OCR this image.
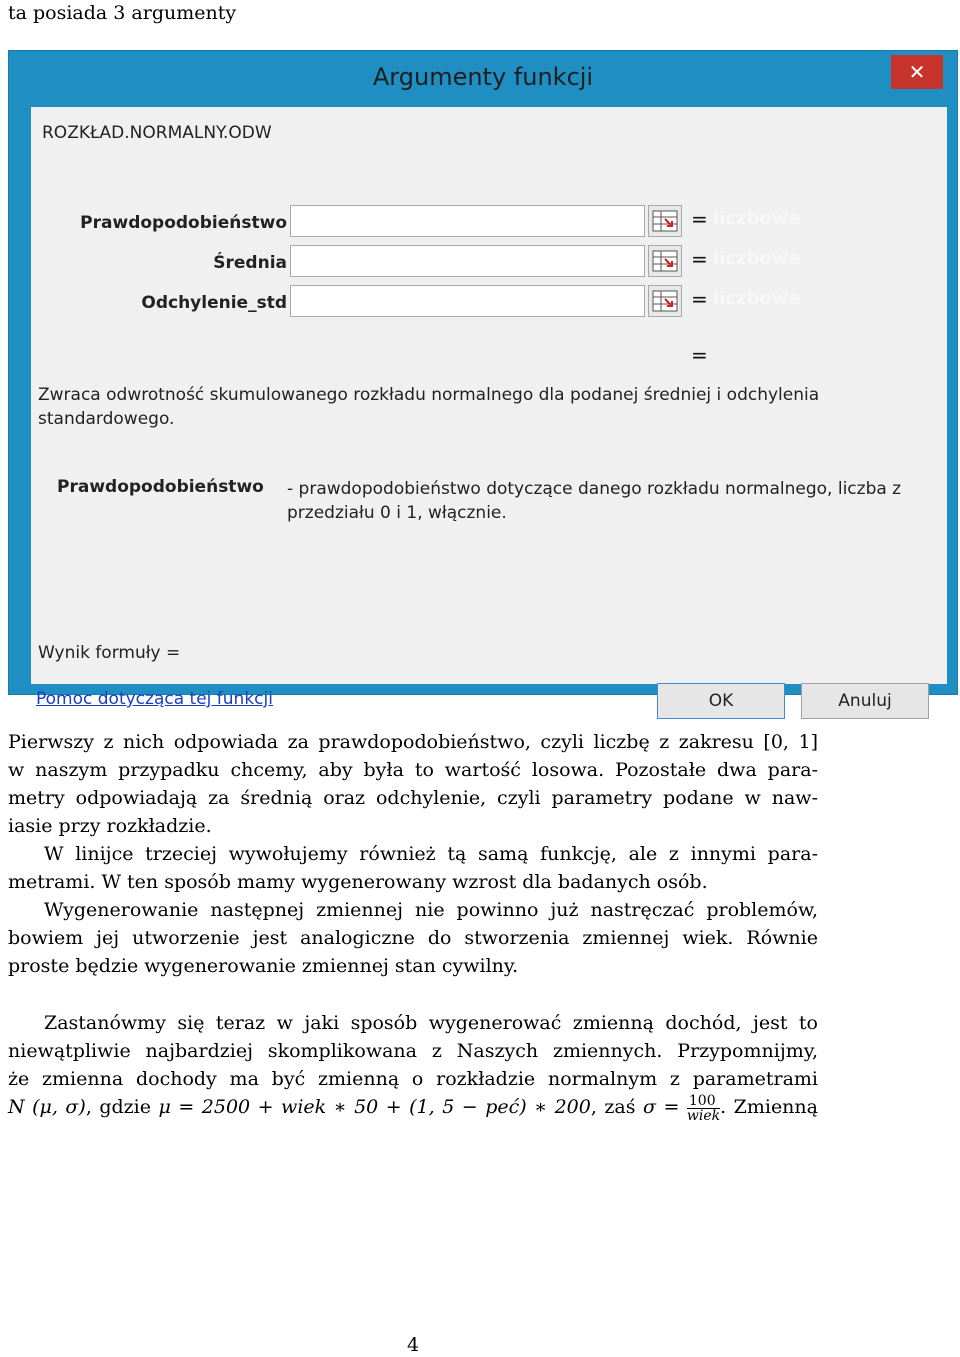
ta posiada 3 argumenty
Argumenty funkcji	✕
ROZKŁAD.NORMALNY.ODW
Prawdopodobieństwo	= liczbowe
Średnia	= liczbowe
Odchylenie_std	= liczbowe
=
Zwraca odwrotność skumulowanego rozkładu normalnego dla podanej średniej i odchylenia standardowego.
Prawdopodobieństwo - prawdopodobieństwo dotyczące danego rozkładu normalnego, liczba z przedziału 0 i 1, włącznie.
Wynik formuły =
Pomoc dotycząca tej funkcji	OK	Anuluj
Pierwszy z nich odpowiada za prawdopodobieństwo, czyli liczbę z zakresu [0, 1]
w naszym przypadku chcemy, aby była to wartość losowa. Pozostałe dwa para-
metry odpowiadają za średnią oraz odchylenie, czyli parametry podane w naw-
iasie przy rozkładzie.
W linijce trzeciej wywołujemy również tą samą funkcję, ale z innymi para-
metrami. W ten sposób mamy wygenerowany wzrost dla badanych osób.
Wygenerowanie następnej zmiennej nie powinno już nastręczać problemów,
bowiem jej utworzenie jest analogiczne do stworzenia zmiennej wiek. Równie
proste będzie wygenerowanie zmiennej stan cywilny.
Zastanówmy się teraz w jaki sposób wygenerować zmienną dochód, jest to
niewątpliwie najbardziej skomplikowana z Naszych zmiennych. Przypomnijmy,
że zmienna dochody ma być zmienną o rozkładzie normalnym z parametrami
N (μ, σ), gdzie μ = 2500 + wiek ∗ 50 + (1, 5 − peć) ∗ 200, zaś $\sigma = \frac{100}{\text{wiek}}$ . Zmienną
4
